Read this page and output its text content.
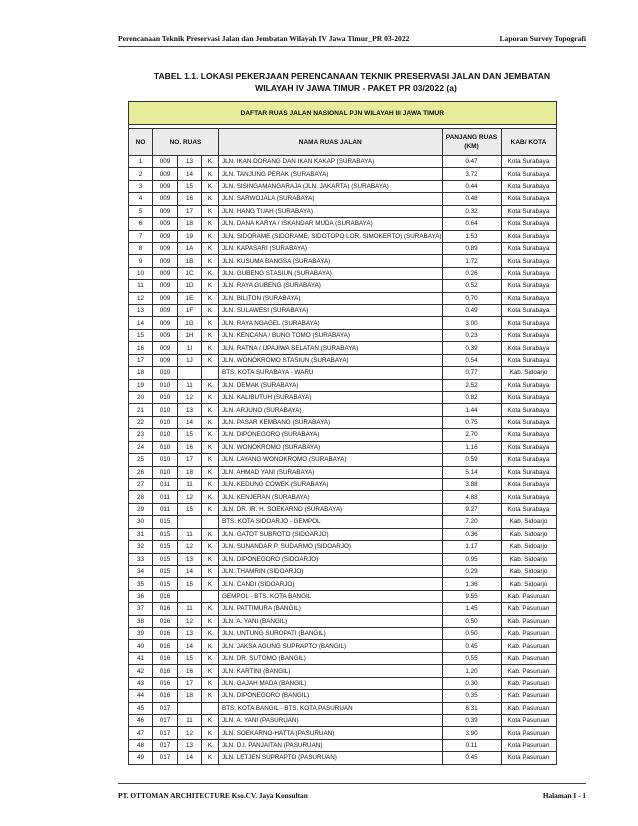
Perencanaan Teknik Preservasi Jalan dan Jembatan Wilayah IV Jawa Timur_PR 03-2022	Laporan Survey Topografi
TABEL 1.1. LOKASI PEKERJAAN PERENCANAAN TEKNIK PRESERVASI JALAN DAN JEMBATAN
WILAYAH IV JAWA TIMUR - PAKET PR 03/2022 (a)
DAFTAR RUAS JALAN NASIONAL PJN WILAYAH III JAWA TIMUR						

NO	NO. RUAS			NAMA RUAS JALAN	PANJANG RUAS (KM)	KAB/ KOTA
1	009	13	K	JLN. IKAN DORANG DAN IKAN KAKAP (SURABAYA)	0.47	Kota Surabaya
2	009	14	K	JLN. TANJUNG PERAK (SURABAYA)	3.72	Kota Surabaya
3	009	15	K	JLN. SISINGAMANGARAJA (JLN. JAKARTA) (SURABAYA)	0.44	Kota Surabaya
4	009	16	K	JLN. SARWOJALA (SURABAYA)	0.48	Kota Surabaya
5	009	17	K	JLN. HANG TUAH (SURABAYA)	0.32	Kota Surabaya
6	009	18	K	JLN. DANA KARYA / ISKANDAR MUDA (SURABAYA)	0.64	Kota Surabaya
7	009	19	K	JLN. SIDORAME (SIDORAME, SIDOTOPO LOR, SIMOKERTO) (SURABAYA)	1.53	Kota Surabaya
8	009	1A	K	JLN. KAPASARI (SURABAYA)	0.89	Kota Surabaya
9	009	1B	K	JLN. KUSUMA BANGSA (SURABAYA)	1.72	Kota Surabaya
10	009	1C	K	JLN. GUBENG STASIUN (SURABAYA)	0.26	Kota Surabaya
11	009	1D	K	JLN. RAYA GUBENG (SURABAYA)	0.52	Kota Surabaya
12	009	1E	K	JLN. BILITON (SURABAYA)	0.70	Kota Surabaya
13	009	1F	K	JLN. SULAWESI (SURABAYA)	0.49	Kota Surabaya
14	009	1G	K	JLN. RAYA NGAGEL (SURABAYA)	3.00	Kota Surabaya
15	009	1H	K	JLN. KENCANA / BUNG TOMO (SURABAYA)	0.23	Kota Surabaya
16	009	1I	K	JLN. RATNA / UPAJIWA SELATAN (SURABAYA)	0.39	Kota Surabaya
17	009	1J	K	JLN. WONOKROMO STASIUN (SURABAYA)	0.54	Kota Surabaya
18	010			BTS. KOTA SURABAYA - WARU	0.77	Kab. Sidoarjo
19	010	11	K	JLN. DEMAK (SURABAYA)	2.52	Kota Surabaya
20	010	12	K	JLN. KALIBUTUH (SURABAYA)	0.82	Kota Surabaya
21	010	13	K	JLN. ARJUNO (SURABAYA)	1.44	Kota Surabaya
22	010	14	K	JLN. PASAR KEMBANG (SURABAYA)	0.75	Kota Surabaya
23	010	15	K	JLN. DIPONEGORO (SURABAYA)	2.70	Kota Surabaya
24	010	16	K	JLN. WONOKROMO (SURABAYA)	1.16	Kota Surabaya
25	010	17	K	JLN. LAYANG WONOKROMO (SURABAYA)	0.59	Kota Surabaya
26	010	18	K	JLN. AHMAD YANI (SURABAYA)	5.14	Kota Surabaya
27	011	11	K	JLN. KEDUNG COWEK (SURABAYA)	3.88	Kota Surabaya
28	011	12	K	JLN. KENJERAN (SURABAYA)	4.88	Kota Surabaya
29	011	15	K	JLN. DR. IR. H. SOEKARNO (SURABAYA)	9.27	Kota Surabaya
30	015			BTS. KOTA SIDOARJO - GEMPOL	7.20	Kab. Sidoarjo
31	015	11	K	JLN. GATOT SUBROTO (SIDOARJO)	0.36	Kab. Sidoarjo
32	015	12	K	JLN. SUNANDAR P. SUDARMO (SIDOARJO)	1.17	Kab. Sidoarjo
33	015	13	K	JLN. DIPONEGORO (SIDOARJO)	0.95	Kab. Sidoarjo
34	015	14	K	JLN. THAMRIN (SIDOARJO)	0.29	Kab. Sidoarjo
35	015	15	K	JLN. CANDI (SIDOARJO)	1.36	Kab. Sidoarjo
36	016			GEMPOL - BTS. KOTA BANGIL	9.55	Kab. Pasuruan
37	016	11	K	JLN. PATTIMURA (BANGIL)	1.45	Kab. Pasuruan
38	016	12	K	JLN. A. YANI (BANGIL)	0.50	Kab. Pasuruan
39	016	13	K	JLN. UNTUNG SUROPATI (BANGIL)	0.50	Kab. Pasuruan
40	016	14	K	JLN. JAKSA AGUNG SUPRAPTO (BANGIL)	0.45	Kab. Pasuruan
41	016	15	K	JLN. DR. SUTOMO (BANGIL)	0.55	Kab. Pasuruan
42	016	16	K	JLN. KARTINI (BANGIL)	1.20	Kab. Pasuruan
43	016	17	K	JLN. GAJAH MADA (BANGIL)	0.30	Kab. Pasuruan
44	016	18	K	JLN. DIPONEGORO (BANGIL)	0.35	Kab. Pasuruan
45	017			BTS. KOTA BANGIL - BTS. KOTA PASURUAN	8.31	Kab. Pasuruan
46	017	11	K	JLN. A. YANI (PASURUAN)	0.39	Kota Pasuruan
47	017	12	K	JLN. SOEKARNO-HATTA (PASURUAN)	3.90	Kota Pasuruan
48	017	13	K	JLN. D.I. PANJAITAN (PASURUAN)	0.11	Kota Pasuruan
49	017	14	K	JLN. LETJEN SUPRAPTO (PASURUAN)	0.45	Kota Pasuruan
PT. OTTOMAN ARCHITECTURE Kso.CV. Jaya Konsultan	Halaman I - 1
